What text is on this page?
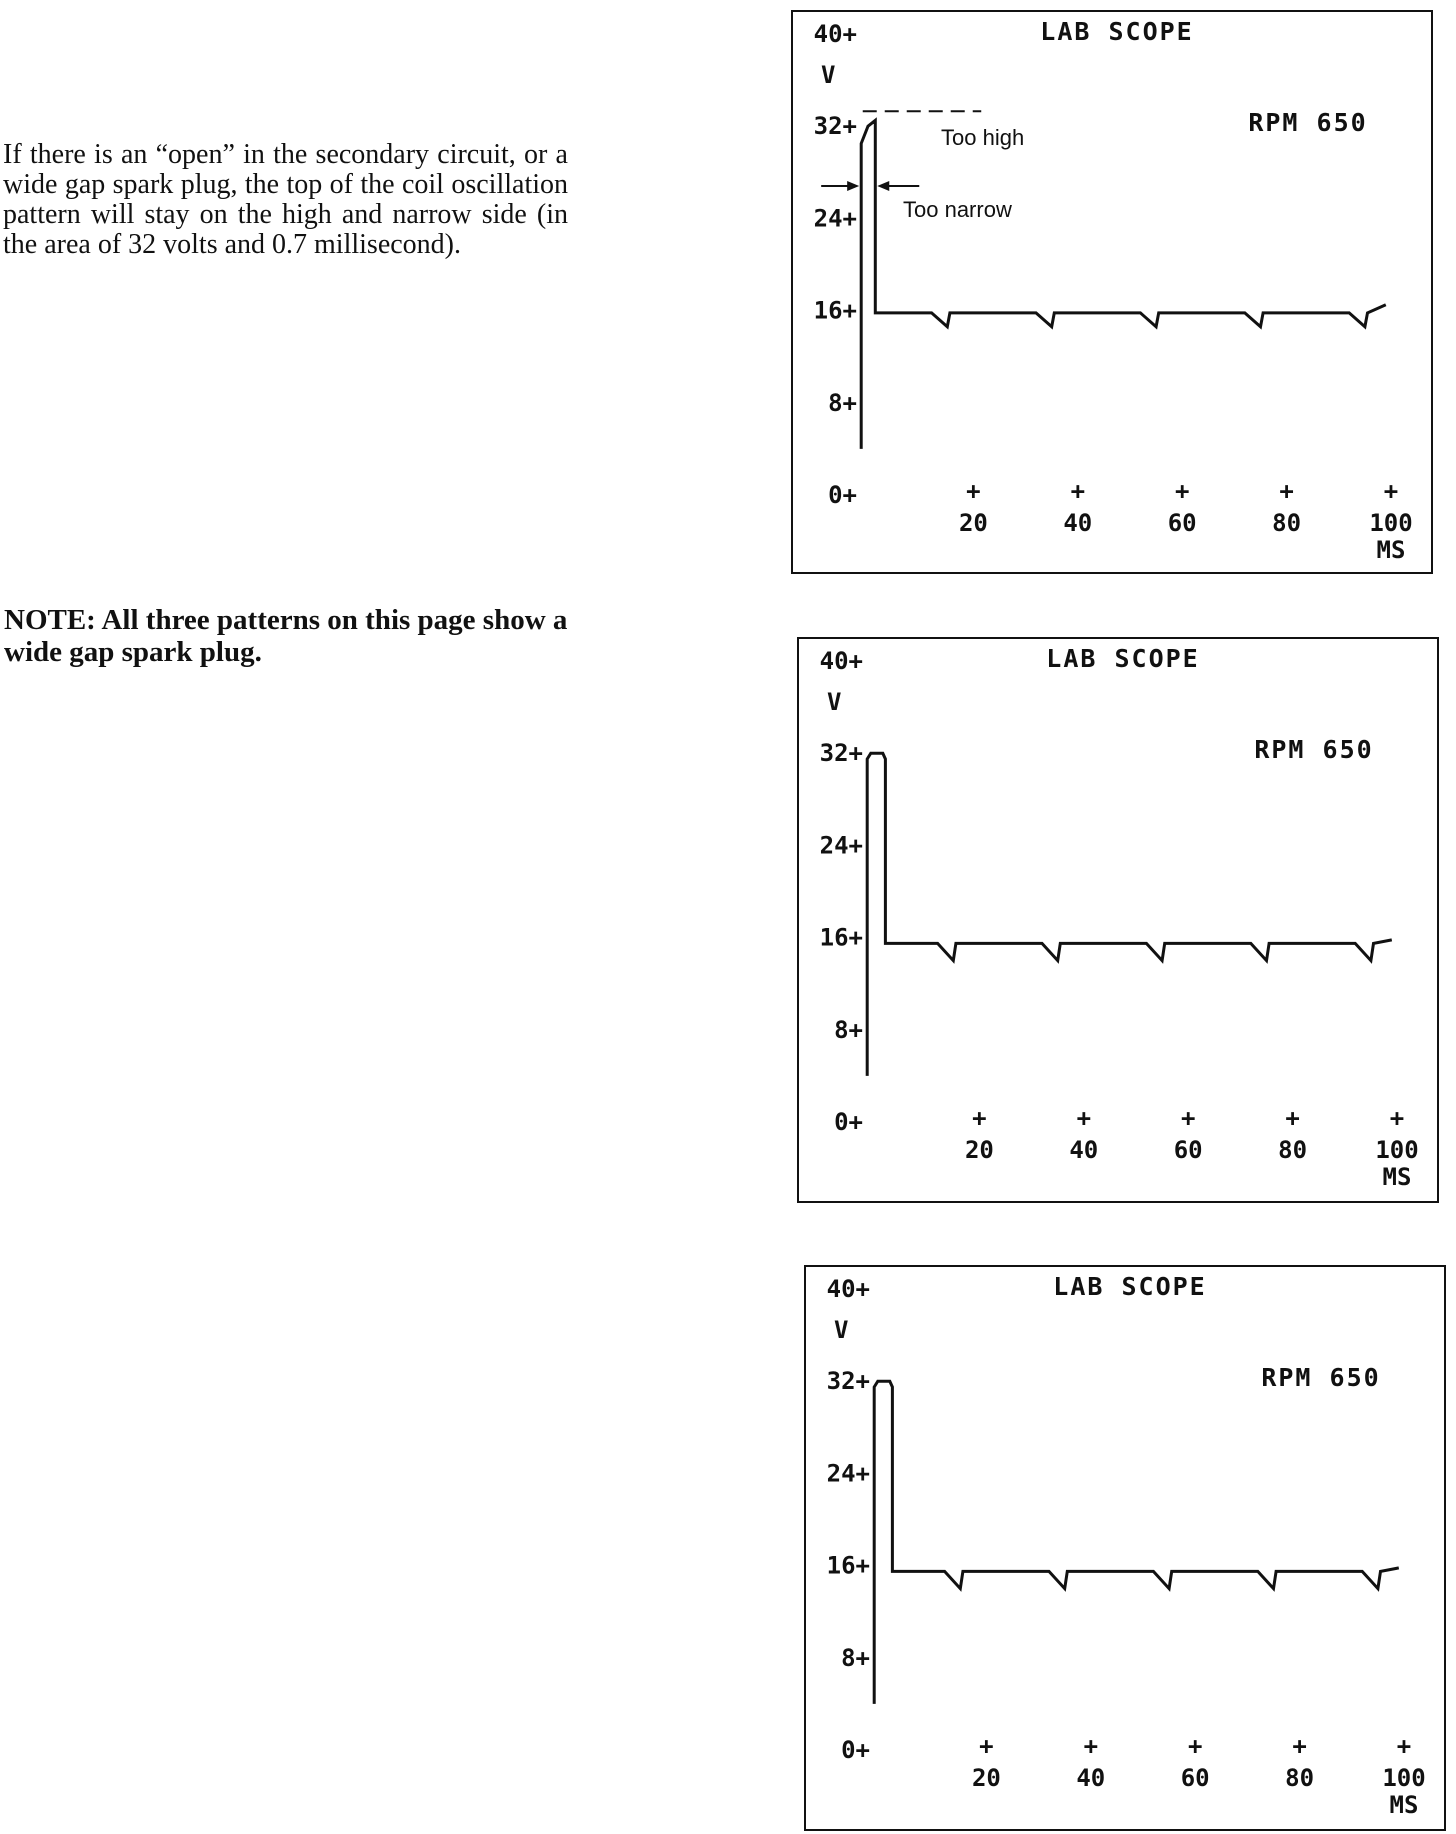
If there is an “open” in the secondary circuit, or a wide gap spark plug, the top of the coil oscillation pattern will stay on the high and narrow side (in the area of 32 volts and 0.7 millisecond).

NOTE: All three patterns on this page show a wide gap spark plug.

LAB SCOPE
RPM 650
V
40+
32+
24+
16+
8+
0+	+
20
+
40
+
60
+
80
+
100
MS
Too high
Too narrow
LAB SCOPE
RPM 650
V
40+
32+
24+
16+
8+
0+	+
20
+
40
+
60
+
80
+
100
MS
LAB SCOPE
RPM 650
V
40+
32+
24+
16+
8+
0+	+
20
+
40
+
60
+
80
+
100
MS
